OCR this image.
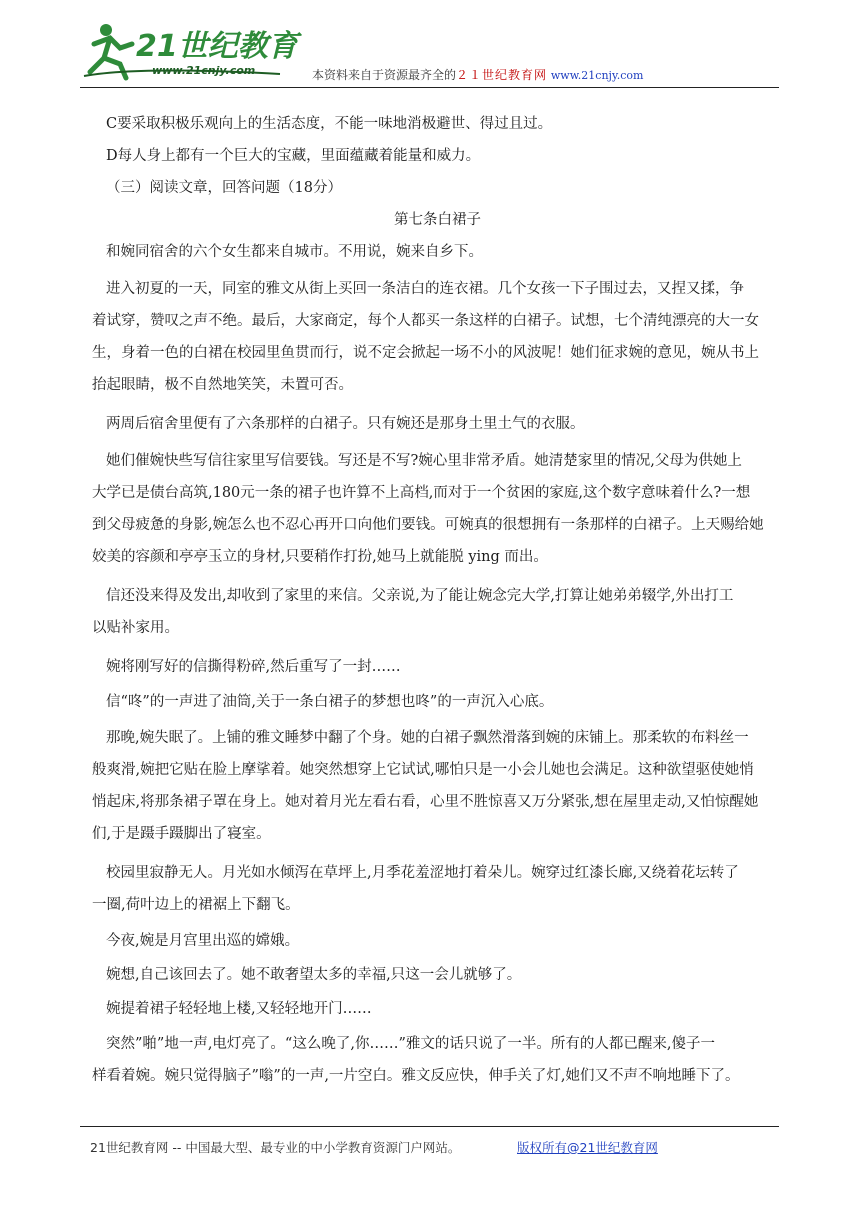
21世纪教育
www.21cnjy.com	本资料来自于资源最齐全的２１世纪教育网 www.21cnjy.com
C要采取积极乐观向上的生活态度，不能一味地消极避世、得过且过。
D每人身上都有一个巨大的宝藏，里面蕴藏着能量和威力。
（三）阅读文章，回答问题（18分）
第七条白裙子
和婉同宿舍的六个女生都来自城市。不用说，婉来自乡下。
进入初夏的一天，同室的雅文从街上买回一条洁白的连衣裙。几个女孩一下子围过去，又捏又揉，争
着试穿，赞叹之声不绝。最后，大家商定，每个人都买一条这样的白裙子。试想，七个清纯漂亮的大一女
生，身着一色的白裙在校园里鱼贯而行，说不定会掀起一场不小的风波呢！她们征求婉的意见，婉从书上
抬起眼睛，极不自然地笑笑，未置可否。
两周后宿舍里便有了六条那样的白裙子。只有婉还是那身土里土气的衣服。
她们催婉快些写信往家里写信要钱。写还是不写?婉心里非常矛盾。她清楚家里的情况,父母为供她上
大学已是债台高筑,180元一条的裙子也许算不上高档,而对于一个贫困的家庭,这个数字意味着什么?一想
到父母疲惫的身影,婉怎么也不忍心再开口向他们要钱。可婉真的很想拥有一条那样的白裙子。上天赐给她
姣美的容颜和亭亭玉立的身材,只要稍作打扮,她马上就能脱 ying 而出。
信还没来得及发出,却收到了家里的来信。父亲说,为了能让婉念完大学,打算让她弟弟辍学,外出打工
以贴补家用。
婉将刚写好的信撕得粉碎,然后重写了一封……
信“咚”的一声进了油筒,关于一条白裙子的梦想也咚”的一声沉入心底。
那晚,婉失眠了。上铺的雅文睡梦中翻了个身。她的白裙子飘然滑落到婉的床铺上。那柔软的布料丝一
般爽滑,婉把它贴在脸上摩挲着。她突然想穿上它试试,哪怕只是一小会儿她也会满足。这种欲望驱使她悄
悄起床,将那条裙子罩在身上。她对着月光左看右看，心里不胜惊喜又万分紧张,想在屋里走动,又怕惊醒她
们,于是蹑手蹑脚出了寝室。
校园里寂静无人。月光如水倾泻在草坪上,月季花羞涩地打着朵儿。婉穿过红漆长廊,又绕着花坛转了
一圈,荷叶边上的裙裾上下翻飞。
今夜,婉是月宫里出巡的嫦娥。
婉想,自己该回去了。她不敢奢望太多的幸福,只这一会儿就够了。
婉提着裙子轻轻地上楼,又轻轻地开门……
突然”啪”地一声,电灯亮了。“这么晚了,你……”雅文的话只说了一半。所有的人都已醒来,傻子一
样看着婉。婉只觉得脑子”嗡”的一声,一片空白。雅文反应快，伸手关了灯,她们又不声不响地睡下了。
21世纪教育网 -- 中国最大型、最专业的中小学教育资源门户网站。	版权所有@21世纪教育网
